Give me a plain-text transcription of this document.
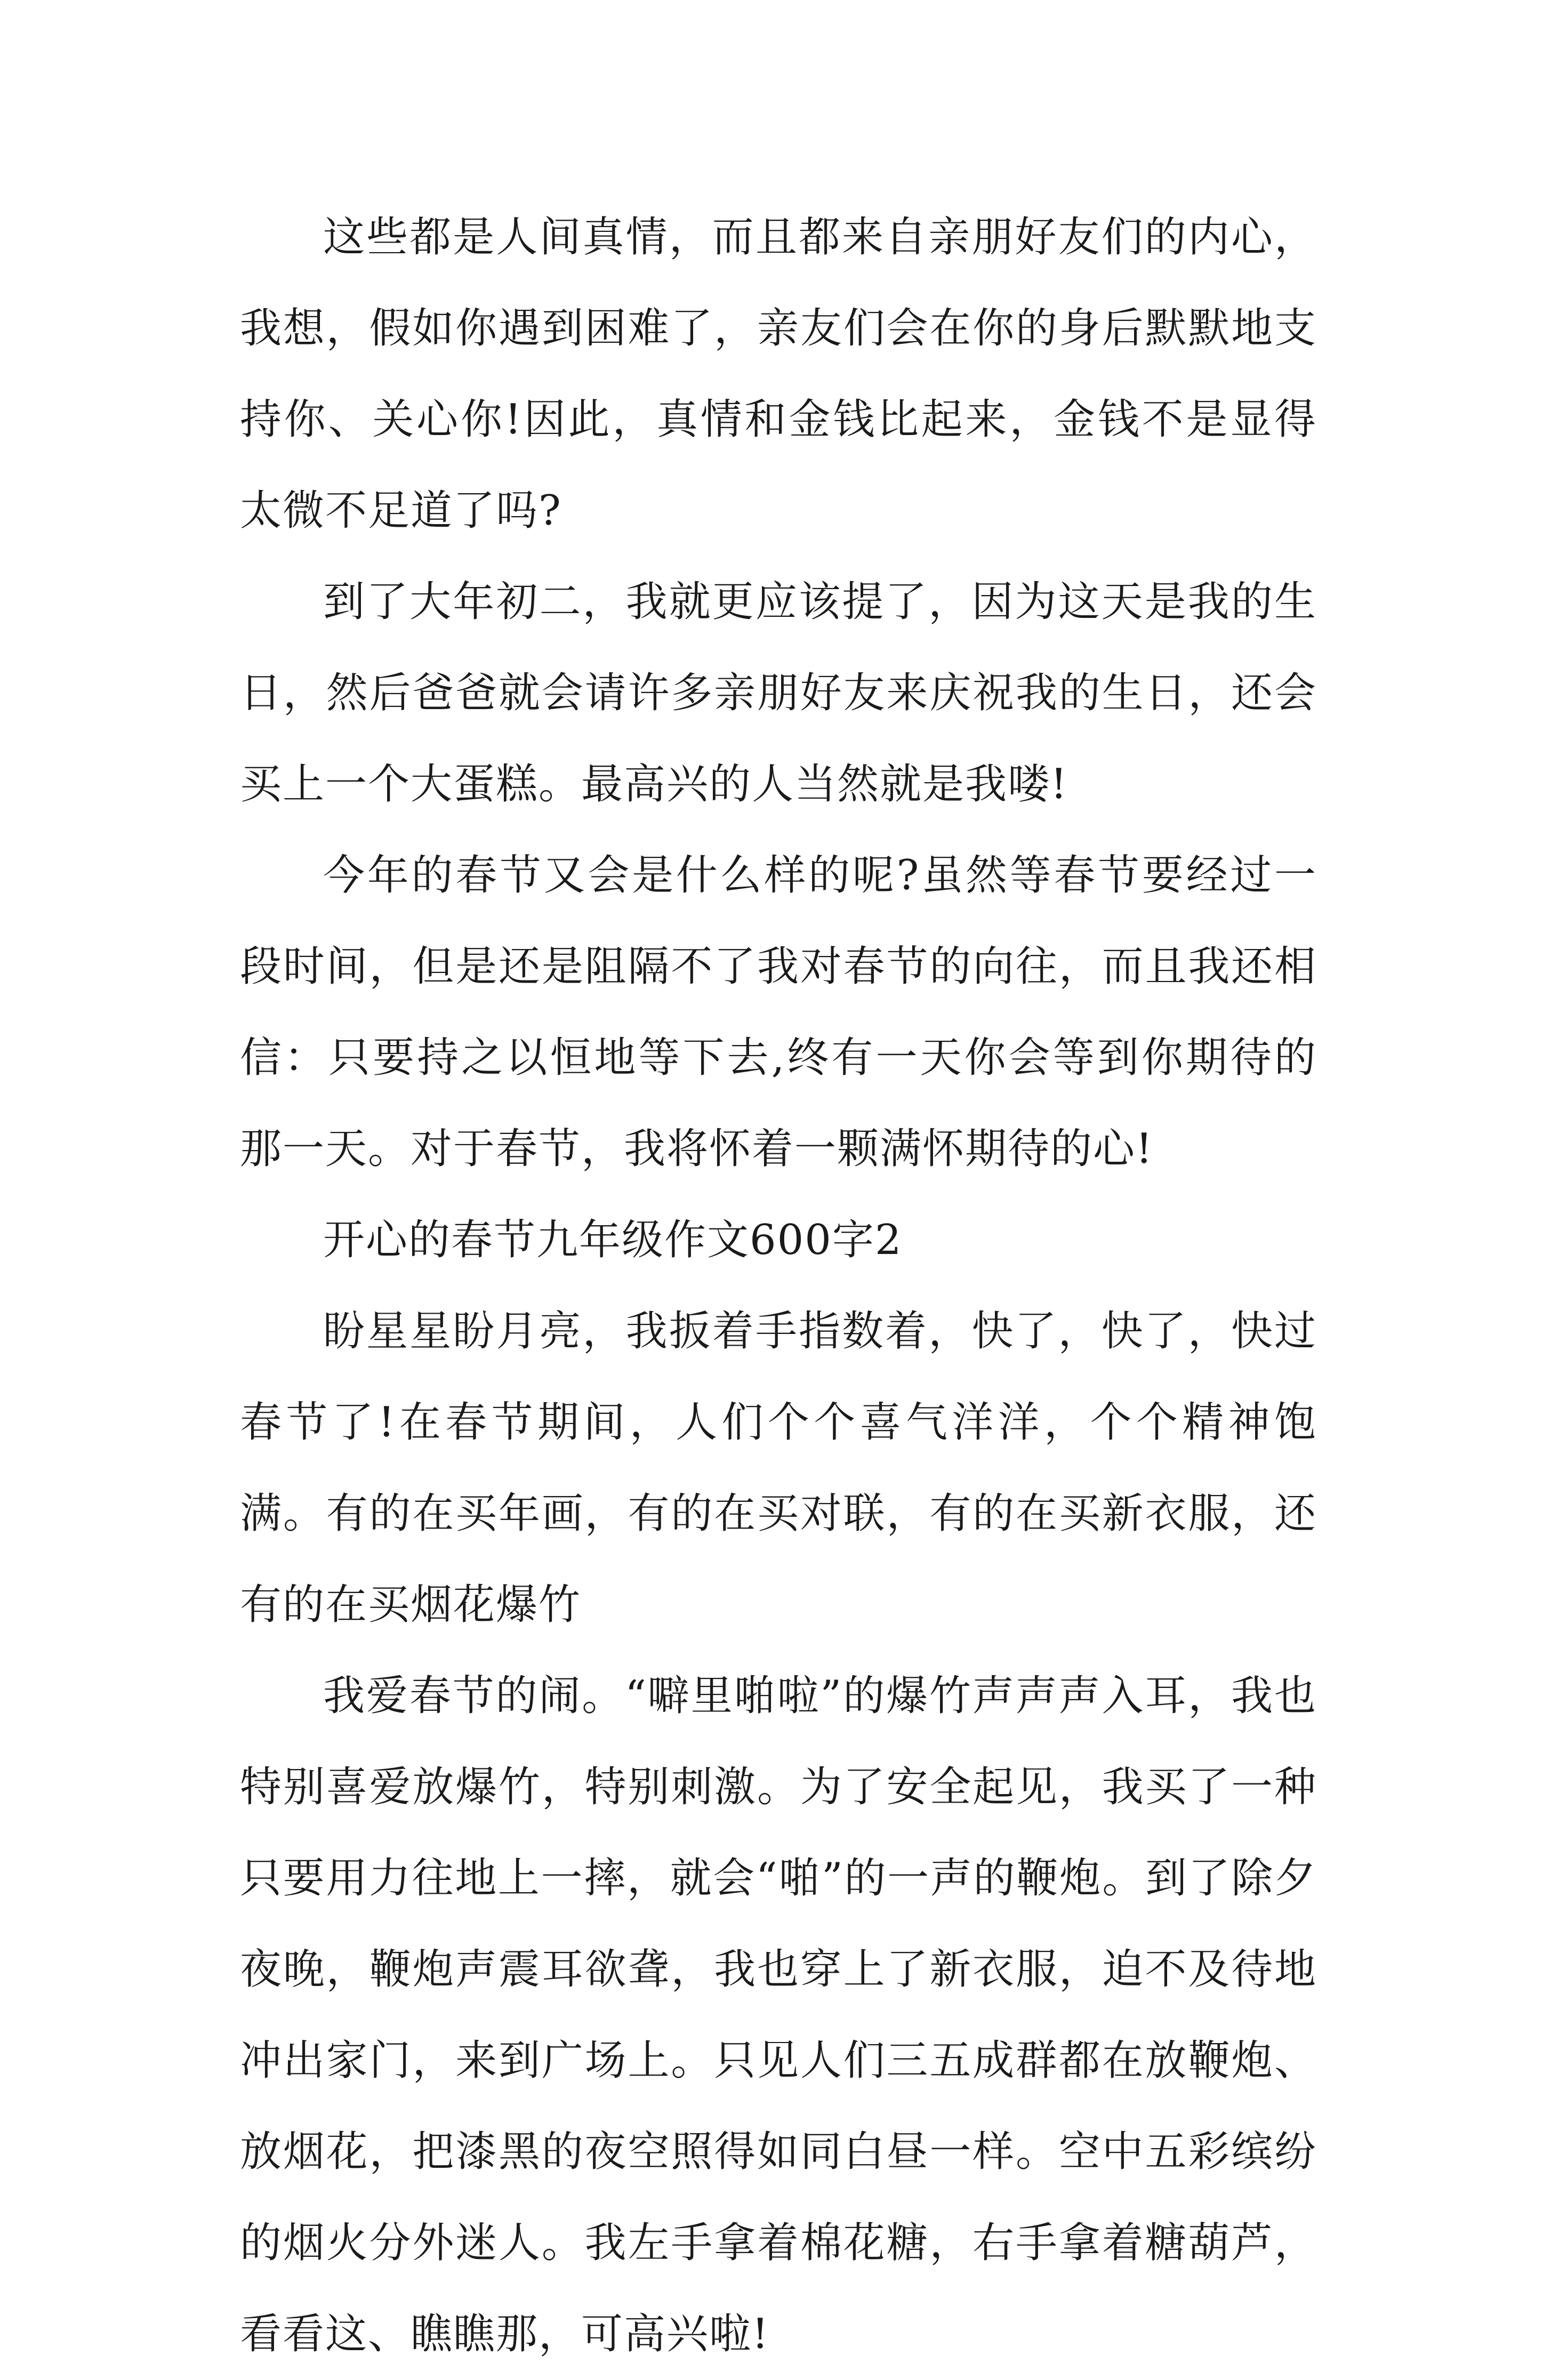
这些都是人间真情，而且都来自亲朋好友们的内心，我想，假如你遇到困难了，亲友们会在你的身后默默地支持你、关心你!因此，真情和金钱比起来，金钱不是显得太微不足道了吗?

到了大年初二，我就更应该提了，因为这天是我的生日，然后爸爸就会请许多亲朋好友来庆祝我的生日，还会买上一个大蛋糕。最高兴的人当然就是我喽!

今年的春节又会是什么样的呢?虽然等春节要经过一段时间，但是还是阻隔不了我对春节的向往，而且我还相信：只要持之以恒地等下去,终有一天你会等到你期待的那一天。对于春节，我将怀着一颗满怀期待的心!

开心的春节九年级作文600字2

盼星星盼月亮，我扳着手指数着，快了，快了，快过春节了!在春节期间，人们个个喜气洋洋，个个精神饱满。有的在买年画，有的在买对联，有的在买新衣服，还有的在买烟花爆竹

我爱春节的闹。“噼里啪啦”的爆竹声声声入耳，我也特别喜爱放爆竹，特别刺激。为了安全起见，我买了一种只要用力往地上一摔，就会“啪”的一声的鞭炮。到了除夕夜晚，鞭炮声震耳欲聋，我也穿上了新衣服，迫不及待地冲出家门，来到广场上。只见人们三五成群都在放鞭炮、放烟花，把漆黑的夜空照得如同白昼一样。空中五彩缤纷的烟火分外迷人。我左手拿着棉花糖，右手拿着糖葫芦，看看这、瞧瞧那，可高兴啦!
